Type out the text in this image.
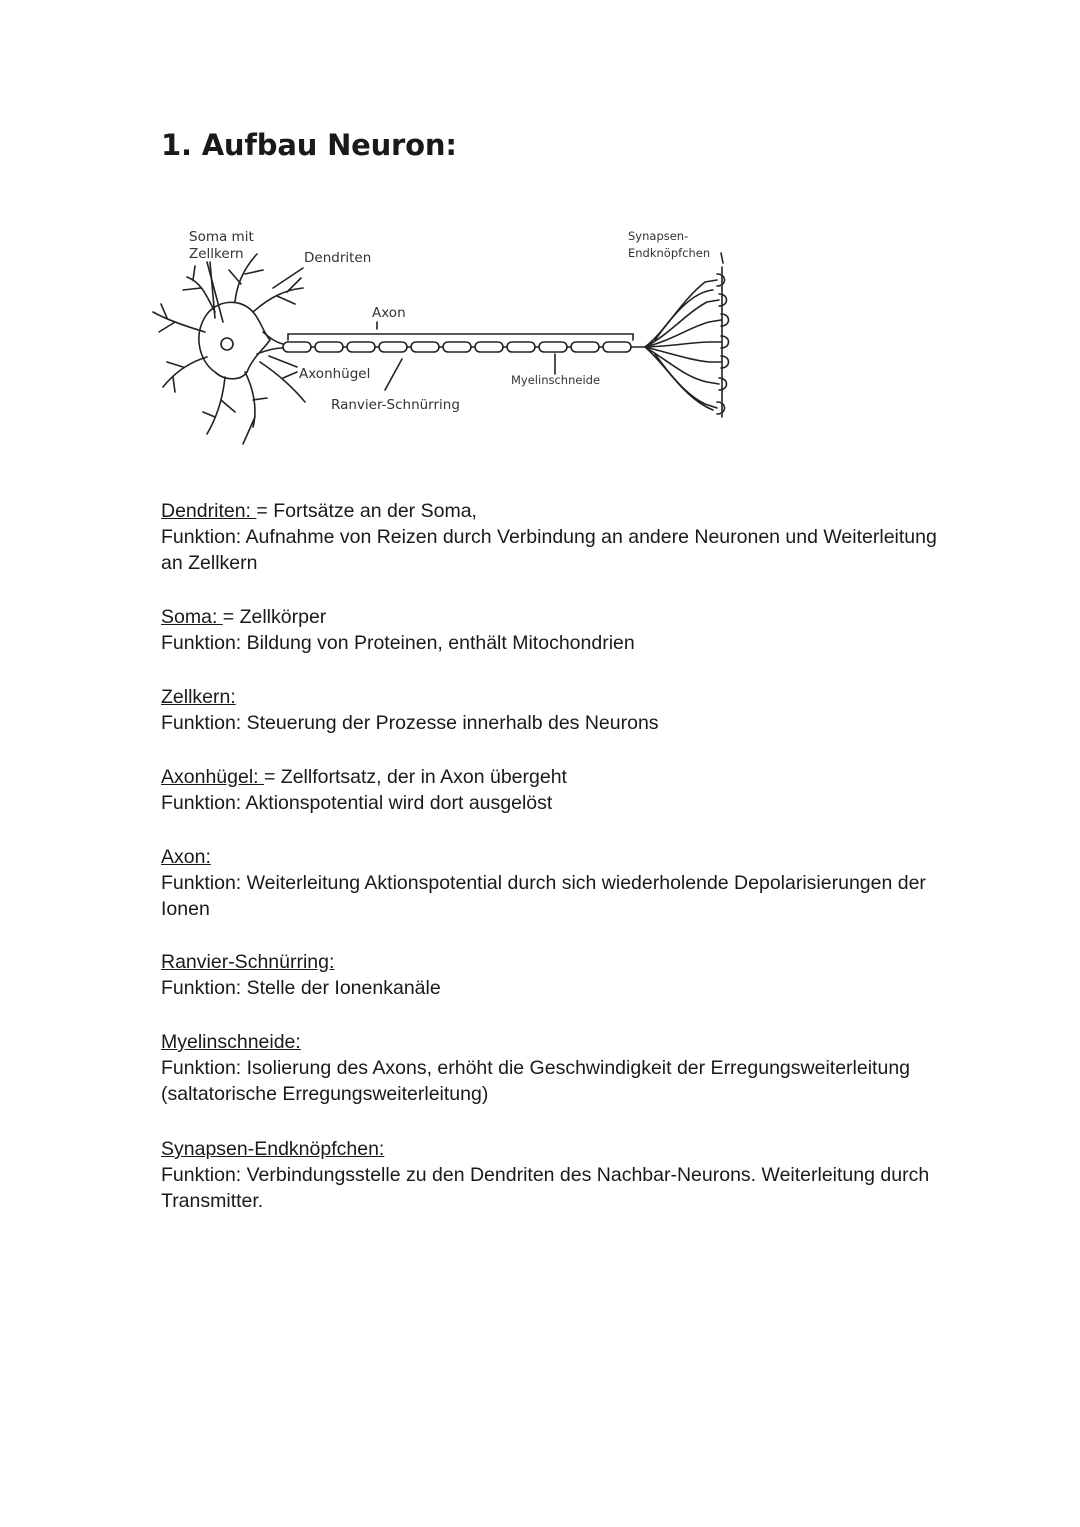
1. Aufbau Neuron:
Soma mit
Zellkern	Dendriten
Synapsen-
Endknöpfchen
Axon
Axonhügel	Myelinschneide
Ranvier-Schnürring

Dendriten: = Fortsätze an der Soma,

Funktion: Aufnahme von Reizen durch Verbindung an andere Neuronen und Weiterleitung an Zellkern

Soma: = Zellkörper

Funktion: Bildung von Proteinen, enthält Mitochondrien

Zellkern:

Funktion: Steuerung der Prozesse innerhalb des Neurons

Axonhügel: = Zellfortsatz, der in Axon übergeht

Funktion: Aktionspotential wird dort ausgelöst

Axon:

Funktion: Weiterleitung Aktionspotential durch sich wiederholende Depolarisierungen der Ionen

Ranvier-Schnürring:

Funktion: Stelle der Ionenkanäle

Myelinschneide:

Funktion: Isolierung des Axons, erhöht die Geschwindigkeit der Erregungsweiterleitung (saltatorische Erregungsweiterleitung)

Synapsen-Endknöpfchen:

Funktion: Verbindungsstelle zu den Dendriten des Nachbar-Neurons. Weiterleitung durch Transmitter.
